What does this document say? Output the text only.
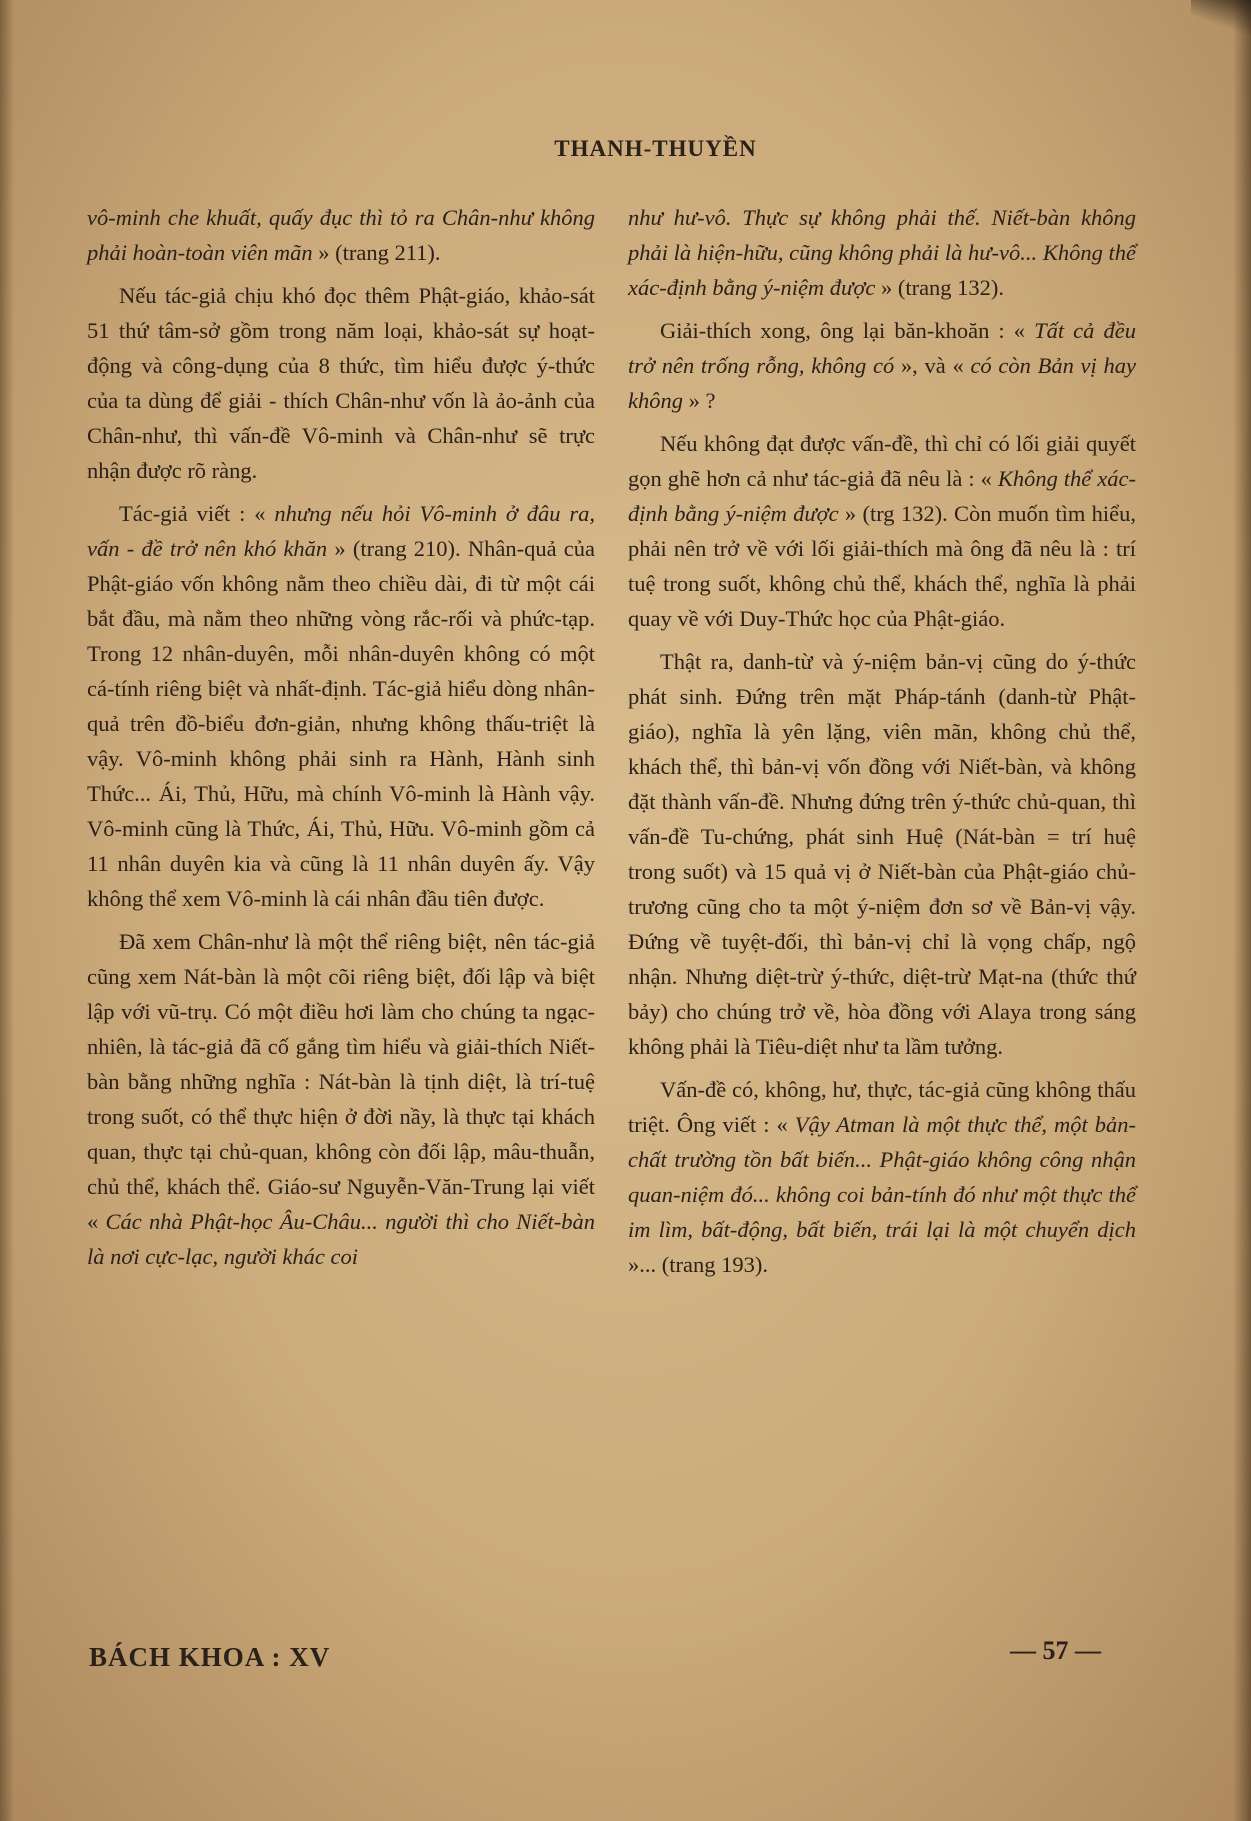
THANH-THUYỀN

vô-minh che khuất, quấy đục thì tỏ ra Chân-như không phải hoàn-toàn viên mãn » (trang 211).

Nếu tác-giả chịu khó đọc thêm Phật-giáo, khảo-sát 51 thứ tâm-sở gồm trong năm loại, khảo-sát sự hoạt-động và công-dụng của 8 thức, tìm hiểu được ý-thức của ta dùng để giải - thích Chân-như vốn là ảo-ảnh của Chân-như, thì vấn-đề Vô-minh và Chân-như sẽ trực nhận được rõ ràng.

Tác-giả viết : « nhưng nếu hỏi Vô-minh ở đâu ra, vấn - đề trở nên khó khăn » (trang 210). Nhân-quả của Phật-giáo vốn không nằm theo chiều dài, đi từ một cái bắt đầu, mà nằm theo những vòng rắc-rối và phức-tạp. Trong 12 nhân-duyên, mỗi nhân-duyên không có một cá-tính riêng biệt và nhất-định. Tác-giả hiểu dòng nhân-quả trên đồ-biểu đơn-giản, nhưng không thấu-triệt là vậy. Vô-minh không phải sinh ra Hành, Hành sinh Thức... Ái, Thủ, Hữu, mà chính Vô-minh là Hành vậy. Vô-minh cũng là Thức, Ái, Thủ, Hữu. Vô-minh gồm cả 11 nhân duyên kia và cũng là 11 nhân duyên ấy. Vậy không thể xem Vô-minh là cái nhân đầu tiên được.

Đã xem Chân-như là một thể riêng biệt, nên tác-giả cũng xem Nát-bàn là một cõi riêng biệt, đối lập và biệt lập với vũ-trụ. Có một điều hơi làm cho chúng ta ngạc-nhiên, là tác-giả đã cố gắng tìm hiểu và giải-thích Niết-bàn bằng những nghĩa : Nát-bàn là tịnh diệt, là trí-tuệ trong suốt, có thể thực hiện ở đời nầy, là thực tại khách quan, thực tại chủ-quan, không còn đối lập, mâu-thuẫn, chủ thể, khách thể. Giáo-sư Nguyễn-Văn-Trung lại viết « Các nhà Phật-học Âu-Châu... người thì cho Niết-bàn là nơi cực-lạc, người khác coi

như hư-vô. Thực sự không phải thế. Niết-bàn không phải là hiện-hữu, cũng không phải là hư-vô... Không thể xác-định bằng ý-niệm được » (trang 132).

Giải-thích xong, ông lại băn-khoăn : « Tất cả đều trở nên trống rỗng, không có », và « có còn Bản vị hay không » ?

Nếu không đạt được vấn-đề, thì chỉ có lối giải quyết gọn ghẽ hơn cả như tác-giả đã nêu là : « Không thể xác-định bằng ý-niệm được » (trg 132). Còn muốn tìm hiểu, phải nên trở về với lối giải-thích mà ông đã nêu là : trí tuệ trong suốt, không chủ thể, khách thể, nghĩa là phải quay về với Duy-Thức học của Phật-giáo.

Thật ra, danh-từ và ý-niệm bản-vị cũng do ý-thức phát sinh. Đứng trên mặt Pháp-tánh (danh-từ Phật-giáo), nghĩa là yên lặng, viên mãn, không chủ thể, khách thể, thì bản-vị vốn đồng với Niết-bàn, và không đặt thành vấn-đề. Nhưng đứng trên ý-thức chủ-quan, thì vấn-đề Tu-chứng, phát sinh Huệ (Nát-bàn = trí huệ trong suốt) và 15 quả vị ở Niết-bàn của Phật-giáo chủ-trương cũng cho ta một ý-niệm đơn sơ về Bản-vị vậy. Đứng về tuyệt-đối, thì bản-vị chỉ là vọng chấp, ngộ nhận. Nhưng diệt-trừ ý-thức, diệt-trừ Mạt-na (thức thứ bảy) cho chúng trở về, hòa đồng với Alaya trong sáng không phải là Tiêu-diệt như ta lầm tưởng.

Vấn-đề có, không, hư, thực, tác-giả cũng không thấu triệt. Ông viết : « Vậy Atman là một thực thể, một bản-chất trường tồn bất biến... Phật-giáo không công nhận quan-niệm đó... không coi bản-tính đó như một thực thể im lìm, bất-động, bất biến, trái lại là một chuyển dịch »... (trang 193).

BÁCH KHOA : XV	— 57 —
